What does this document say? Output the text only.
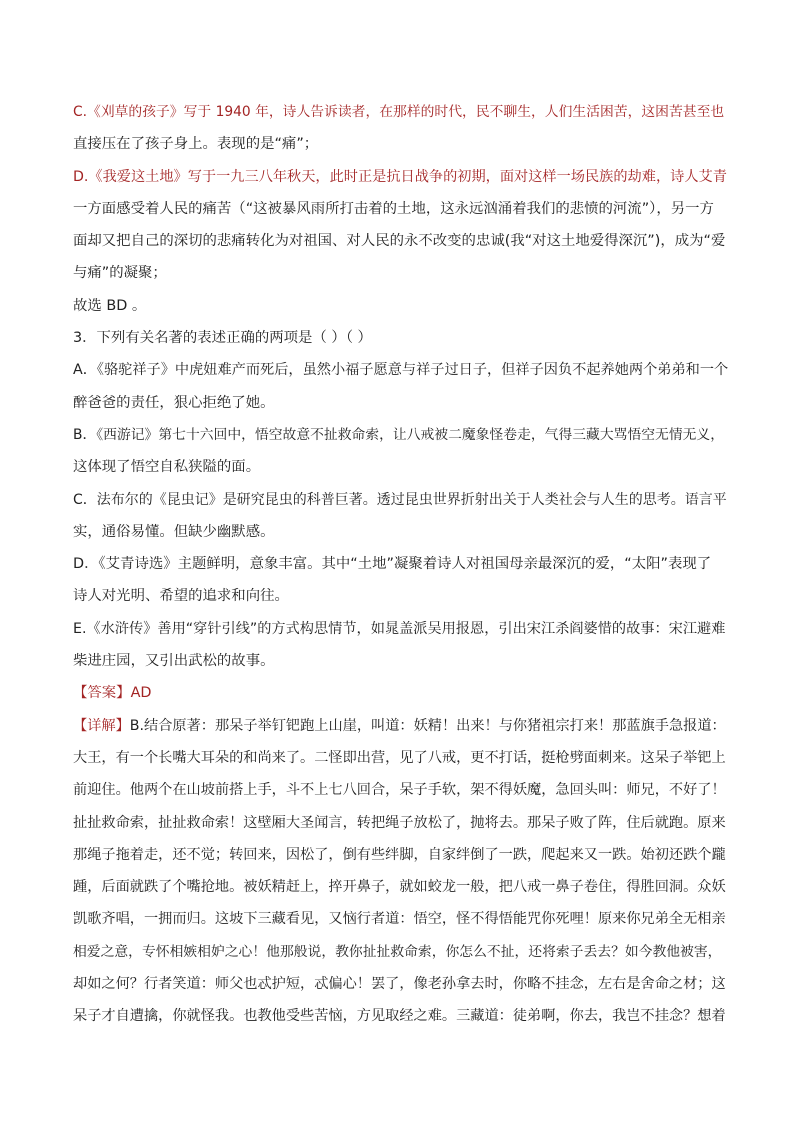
C.《刈草的孩子》写于 1940 年，诗人告诉读者，在那样的时代，民不聊生，人们生活困苦，这困苦甚至也
直接压在了孩子身上。表现的是“痛”；
D.《我爱这土地》写于一九三八年秋天，此时正是抗日战争的初期，面对这样一场民族的劫难，诗人艾青
一方面感受着人民的痛苦（“这被暴风雨所打击着的土地，这永远汹涌着我们的悲愤的河流”），另一方
面却又把自己的深切的悲痛转化为对祖国、对人民的永不改变的忠诚(我“对这土地爱得深沉”)，成为“爱
与痛”的凝聚；
故选 BD 。
3．下列有关名著的表述正确的两项是（ ）（ ）
A．《骆驼祥子》中虎妞难产而死后，虽然小福子愿意与祥子过日子，但祥子因负不起养她两个弟弟和一个
醉爸爸的责任，狠心拒绝了她。
B．《西游记》第七十六回中，悟空故意不扯救命索，让八戒被二魔象怪卷走，气得三藏大骂悟空无情无义，
这体现了悟空自私狭隘的面。
C．法布尔的《昆虫记》是研究昆虫的科普巨著。透过昆虫世界折射出关于人类社会与人生的思考。语言平
实，通俗易懂。但缺少幽默感。
D．《艾青诗选》主题鲜明，意象丰富。其中“土地”凝聚着诗人对祖国母亲最深沉的爱，“太阳”表现了
诗人对光明、希望的追求和向往。
E.《水浒传》善用“穿针引线”的方式构思情节，如晁盖派吴用报恩，引出宋江杀阎婆惜的故事：宋江避难
柴进庄园，又引出武松的故事。
【答案】AD
【详解】B.结合原著：那呆子举钉钯跑上山崖，叫道：妖精！出来！与你猪祖宗打来！那蓝旗手急报道：
大王，有一个长嘴大耳朵的和尚来了。二怪即出营，见了八戒，更不打话，挺枪劈面刺来。这呆子举钯上
前迎住。他两个在山坡前搭上手，斗不上七八回合，呆子手软，架不得妖魔，急回头叫：师兄，不好了！
扯扯救命索，扯扯救命索！这壁厢大圣闻言，转把绳子放松了，抛将去。那呆子败了阵，住后就跑。原来
那绳子拖着走，还不觉；转回来，因松了，倒有些绊脚，自家绊倒了一跌，爬起来又一跌。始初还跌个躘
踵，后面就跌了个嘴抢地。被妖精赶上，捽开鼻子，就如蛟龙一般，把八戒一鼻子卷住，得胜回洞。众妖
凯歌齐唱，一拥而归。这坡下三藏看见，又恼行者道：悟空，怪不得悟能咒你死哩！原来你兄弟全无相亲
相爱之意，专怀相嫉相妒之心！他那般说，教你扯扯救命索，你怎么不扯，还将索子丢去？如今教他被害，
却如之何？行者笑道：师父也忒护短，忒偏心！罢了，像老孙拿去时，你略不挂念，左右是舍命之材；这
呆子才自遭擒，你就怪我。也教他受些苦恼，方见取经之难。三藏道：徒弟啊，你去，我岂不挂念？想着
